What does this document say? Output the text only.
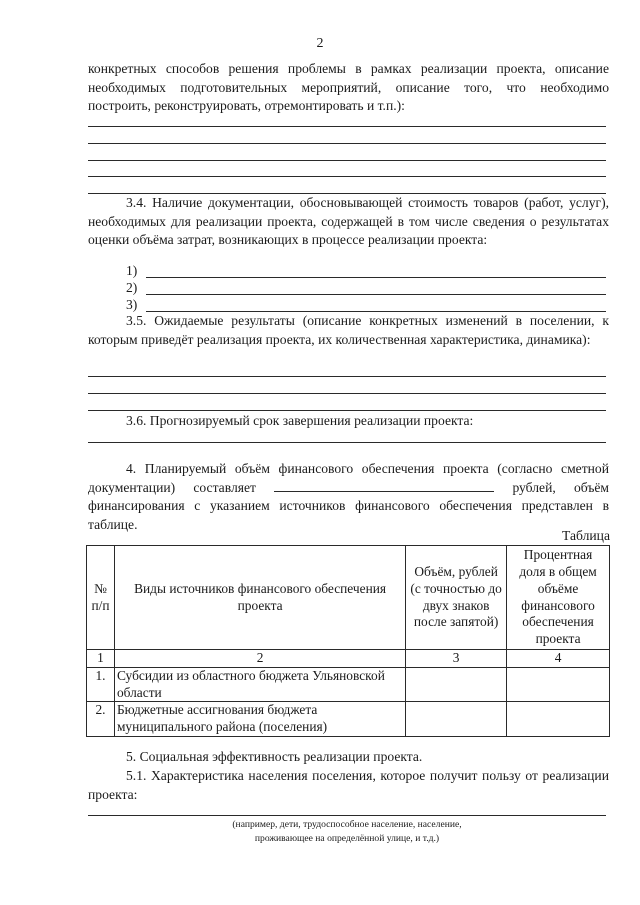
2

конкретных способов решения проблемы в рамках реализации проекта, описание необходимых подготовительных мероприятий, описание того, что необходимо построить, реконструировать, отремонтировать и т.п.):

3.4. Наличие документации, обосновывающей стоимость товаров (работ, услуг), необходимых для реализации проекта, содержащей в том числе сведения о результатах оценки объёма затрат, возникающих в процессе реализации проекта:

1)
2)
3)

3.5. Ожидаемые результаты (описание конкретных изменений в поселении, к которым приведёт реализация проекта, их количественная характеристика, динамика):

3.6. Прогнозируемый срок завершения реализации проекта:

4. Планируемый объём финансового обеспечения проекта (согласно сметной документации) составляет	рублей, объём финансирования с указанием источников финансового обеспечения представлен в таблице.

Таблица
№ п/п	Виды источников финансового обеспечения проекта	Объём, рублей (с точностью до двух знаков после запятой)	Процентная доля в общем объёме финансового обеспечения проекта
1	2	3	4
1.	Субсидии из областного бюджета Ульяновской области		
2.	Бюджетные ассигнования бюджета муниципального района (поселения)		

5. Социальная эффективность реализации проекта.

5.1. Характеристика населения поселения, которое получит пользу от реализации проекта:

(например, дети, трудоспособное население, население,
проживающее на определённой улице, и т.д.)
